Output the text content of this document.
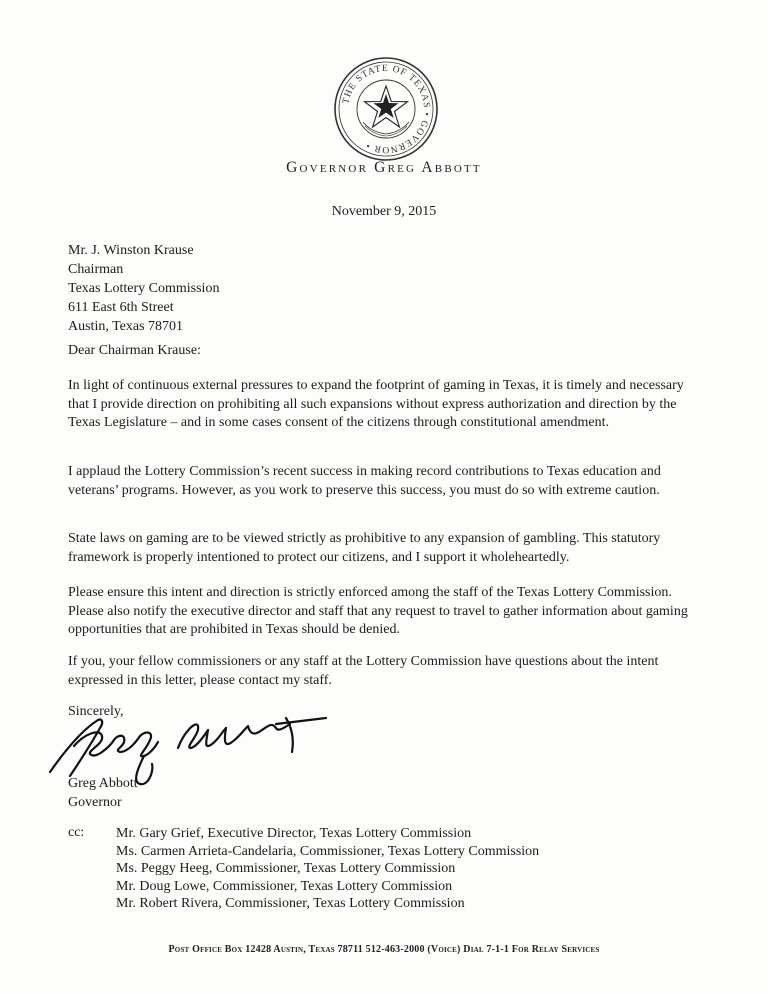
THE STATE OF TEXAS • GOVERNOR •
Governor Greg Abbott
November 9, 2015
Mr. J. Winston Krause
Chairman
Texas Lottery Commission
611 East 6th Street
Austin, Texas 78701
Dear Chairman Krause:

In light of continuous external pressures to expand the footprint of gaming in Texas, it is timely and necessary that I provide direction on prohibiting all such expansions without express authorization and direction by the Texas Legislature – and in some cases consent of the citizens through constitutional amendment.

I applaud the Lottery Commission’s recent success in making record contributions to Texas education and veterans’ programs. However, as you work to preserve this success, you must do so with extreme caution.

State laws on gaming are to be viewed strictly as prohibitive to any expansion of gambling. This statutory framework is properly intentioned to protect our citizens, and I support it wholeheartedly.

Please ensure this intent and direction is strictly enforced among the staff of the Texas Lottery Commission. Please also notify the executive director and staff that any request to travel to gather information about gaming opportunities that are prohibited in Texas should be denied.

If you, your fellow commissioners or any staff at the Lottery Commission have questions about the intent expressed in this letter, please contact my staff.

Sincerely,
Greg Abbott
Governor
cc: Mr. Gary Grief, Executive Director, Texas Lottery Commission
Ms. Carmen Arrieta-Candelaria, Commissioner, Texas Lottery Commission
Ms. Peggy Heeg, Commissioner, Texas Lottery Commission
Mr. Doug Lowe, Commissioner, Texas Lottery Commission
Mr. Robert Rivera, Commissioner, Texas Lottery Commission
Post Office Box 12428 Austin, Texas 78711 512-463-2000 (Voice) Dial 7-1-1 For Relay Services
